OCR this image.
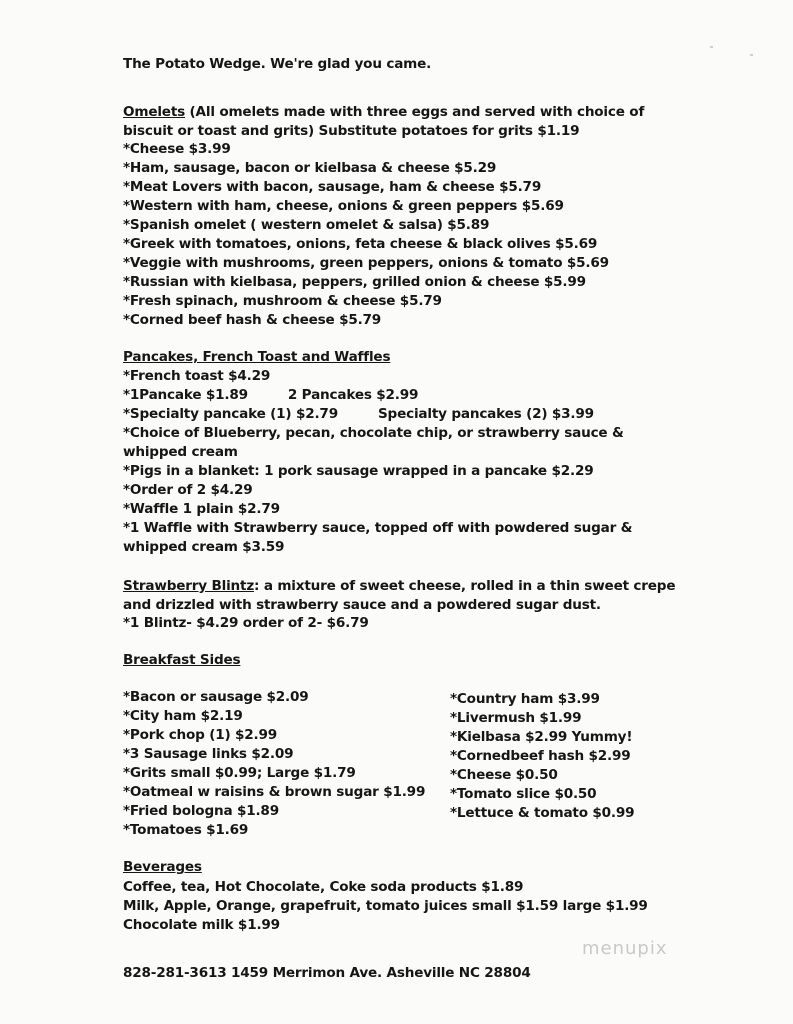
The Potato Wedge. We're glad you came.
Omelets (All omelets made with three eggs and served with choice of
biscuit or toast and grits) Substitute potatoes for grits $1.19
*Cheese $3.99
*Ham, sausage, bacon or kielbasa & cheese $5.29
*Meat Lovers with bacon, sausage, ham & cheese $5.79
*Western with ham, cheese, onions & green peppers $5.69
*Spanish omelet ( western omelet & salsa) $5.89
*Greek with tomatoes, onions, feta cheese & black olives $5.69
*Veggie with mushrooms, green peppers, onions & tomato $5.69
*Russian with kielbasa, peppers, grilled onion & cheese $5.99
*Fresh spinach, mushroom & cheese $5.79
*Corned beef hash & cheese $5.79
Pancakes, French Toast and Waffles
*French toast $4.29
*1Pancake $1.89	2 Pancakes $2.99
*Specialty pancake (1) $2.79	Specialty pancakes (2) $3.99
*Choice of Blueberry, pecan, chocolate chip, or strawberry sauce &
whipped cream
*Pigs in a blanket: 1 pork sausage wrapped in a pancake $2.29
*Order of 2 $4.29
*Waffle 1 plain $2.79
*1 Waffle with Strawberry sauce, topped off with powdered sugar &
whipped cream $3.59
Strawberry Blintz: a mixture of sweet cheese, rolled in a thin sweet crepe
and drizzled with strawberry sauce and a powdered sugar dust.
*1 Blintz- $4.29 order of 2- $6.79
Breakfast Sides
*Bacon or sausage $2.09
*City ham $2.19
*Pork chop (1) $2.99
*3 Sausage links $2.09
*Grits small $0.99; Large $1.79
*Oatmeal w raisins & brown sugar $1.99
*Fried bologna $1.89
*Tomatoes $1.69
*Country ham $3.99
*Livermush $1.99
*Kielbasa $2.99 Yummy!
*Cornedbeef hash $2.99
*Cheese $0.50
*Tomato slice $0.50
*Lettuce & tomato $0.99
Beverages
Coffee, tea, Hot Chocolate, Coke soda products $1.89
Milk, Apple, Orange, grapefruit, tomato juices small $1.59 large $1.99
Chocolate milk $1.99
828-281-3613 1459 Merrimon Ave. Asheville NC 28804
menupix
